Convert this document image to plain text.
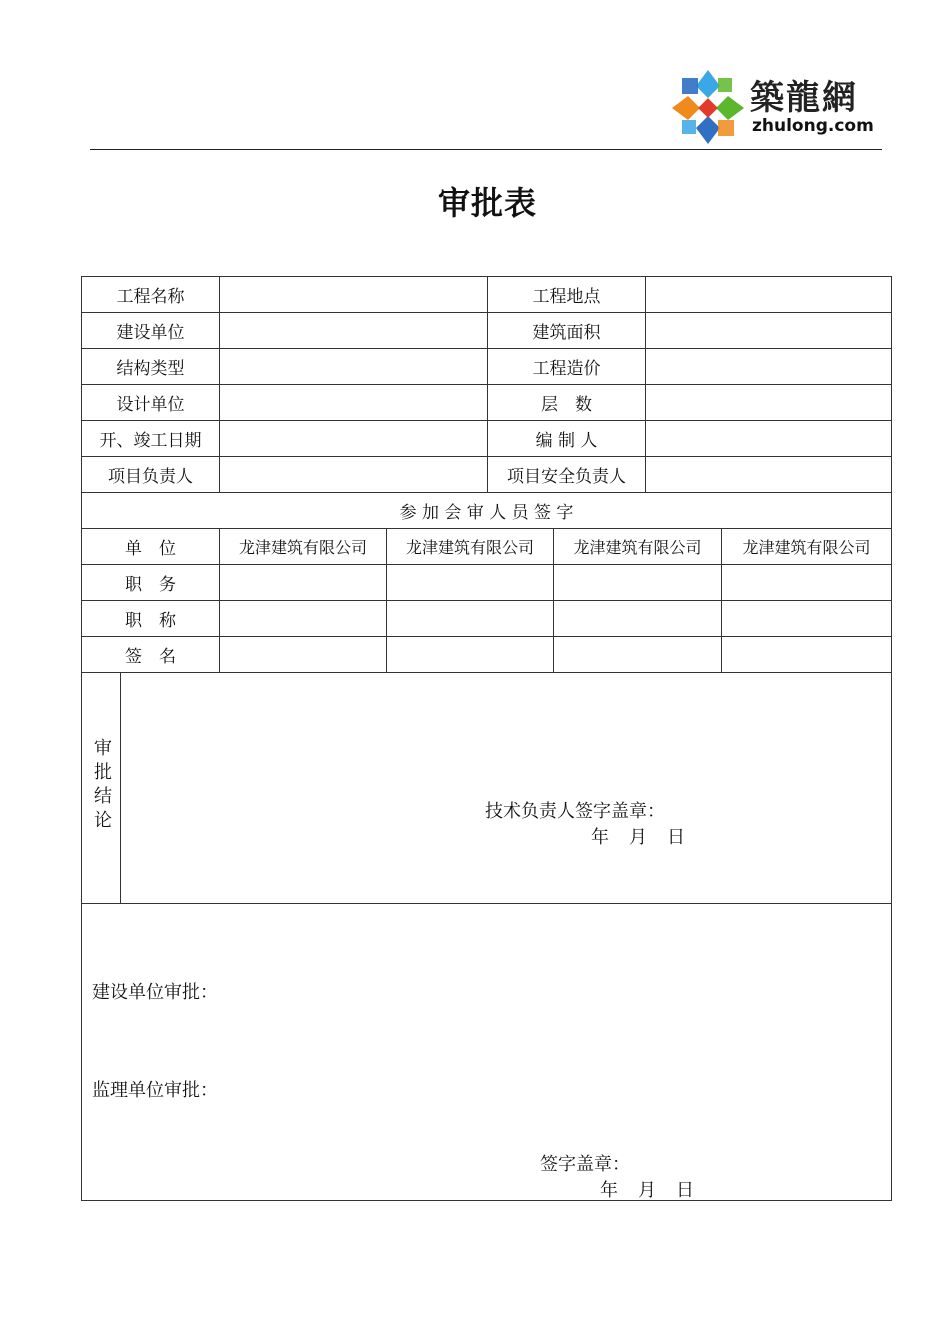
築龍網
zhulong.com
审批表
工程名称				工程地点			
建设单位				建筑面积			
结构类型				工程造价			
设计单位				层　数			
开、竣工日期				编 制 人			
项目负责人				项目安全负责人			
参 加 会 审 人 员 签 字							
单　位		龙津建筑有限公司	龙津建筑有限公司		龙津建筑有限公司		龙津建筑有限公司
职　务							
职　称							
签　名							
审批结论	技术负责人签字盖章：
年　月　日						

建设单位审批：
监理单位审批：
签字盖章：
年　月　日							
